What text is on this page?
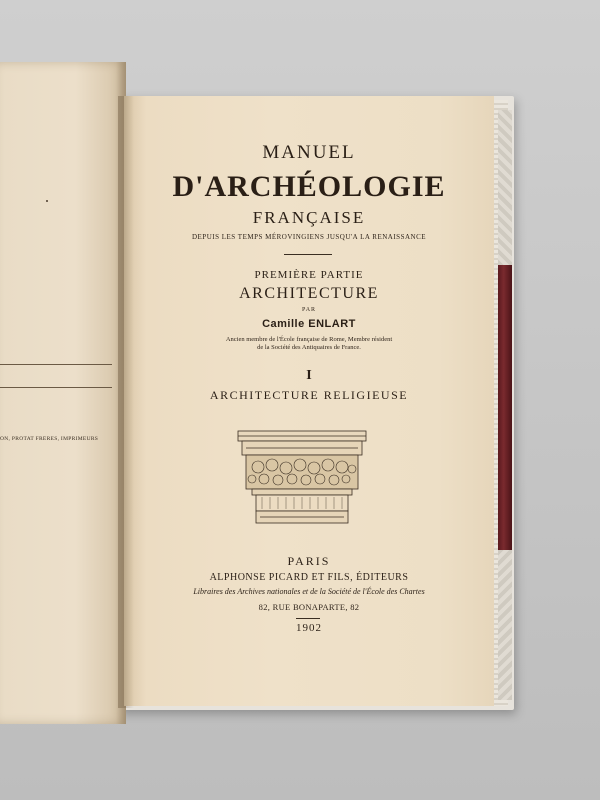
ON, PROTAT FRÈRES, IMPRIMEURS
MANUEL
D'ARCHÉOLOGIE
FRANÇAISE
DEPUIS LES TEMPS MÉROVINGIENS JUSQU'A LA RENAISSANCE
PREMIÈRE PARTIE
ARCHITECTURE
PAR
Camille ENLART
Ancien membre de l'École française de Rome, Membre résident
de la Société des Antiquaires de France.
I
ARCHITECTURE RELIGIEUSE
PARIS
ALPHONSE PICARD ET FILS, ÉDITEURS
Libraires des Archives nationales et de la Société de l'École des Chartes
82, RUE BONAPARTE, 82
1902
